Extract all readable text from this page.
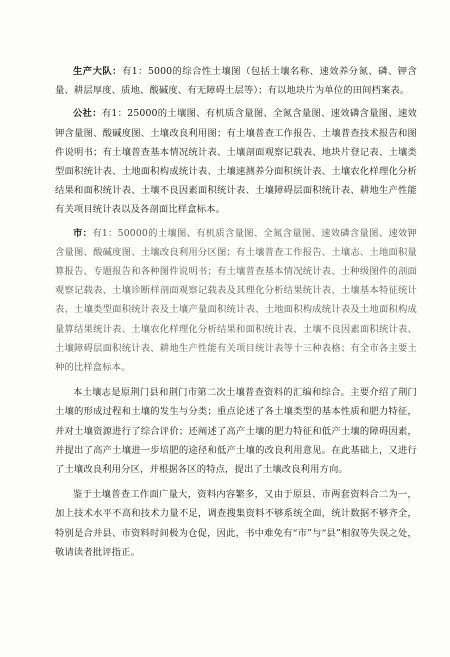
生产大队：有1：5000的综合性土壤图（包括土壤名称、速效养分氮、磷、钾含量、耕层厚度、质地、酸碱度、有无障碍土层等）；有以地块片为单位的田间档案表。

公社：有1：25000的土壤图、有机质含量图、全氮含量图、速效磷含量图、速效钾含量图、酸碱度图、土壤改良利用图；有土壤普查工作报告、土壤普查技术报告和图件说明书；有土壤普查基本情况统计表、土壤剖面观察记载表、地块片登记表、土壤类型面积统计表、土地面积构成统计表、土壤速测养分面积统计表、土壤农化样理化分析结果和面积统计表、土壤不良因素面积统计表、土壤障碍层面积统计表、耕地生产性能有关项目统计表以及各剖面比样盒标本。

市：有1：50000的土壤图、有机质含量图、全氮含量图、速效磷含量图、速效钾含量图、酸碱度图、土壤改良利用分区图；有土壤普查工作报告、土壤志、土地面积量算报告、专题报告和各种图件说明书；有土壤普查基本情况统计表、土种级图件的剖面观察记载表、土壤诊断样剖面观察记载表及其理化分析结果统计表、土壤基本特征统计表、土壤类型面积统计表及土壤产量面积统计表、土地面积构成统计表及土地面积构成量算结果统计表、土壤农化样理化分析结果和面积统计表、土壤不良因素面积统计表、土壤障碍层面积统计表、耕地生产性能有关项目统计表等十三种表格；有全市各主要土种的比样盒标本。

本土壤志是原荆门县和荆门市第二次土壤普查资料的汇编和综合。主要介绍了荆门土壤的形成过程和土壤的发生与分类；重点论述了各土壤类型的基本性质和肥力特征，并对土壤资源进行了综合评价；还阐述了高产土壤的肥力特征和低产土壤的障碍因素，并提出了高产土壤进一步培肥的途径和低产土壤的改良利用意见。在此基础上，又进行了土壤改良利用分区，并根据各区的特点，提出了土壤改良利用方向。

鉴于土壤普查工作面广量大，资料内容繁多，又由于原县、市两套资料合二为一，加上技术水平不高和技术力量不足，调查搜集资料不够系统全面，统计数据不够齐全，特别是合并县、市资料时间极为仓促，因此，书中难免有“市”与“县”相叙等失误之处，敬请读者批评指正。
